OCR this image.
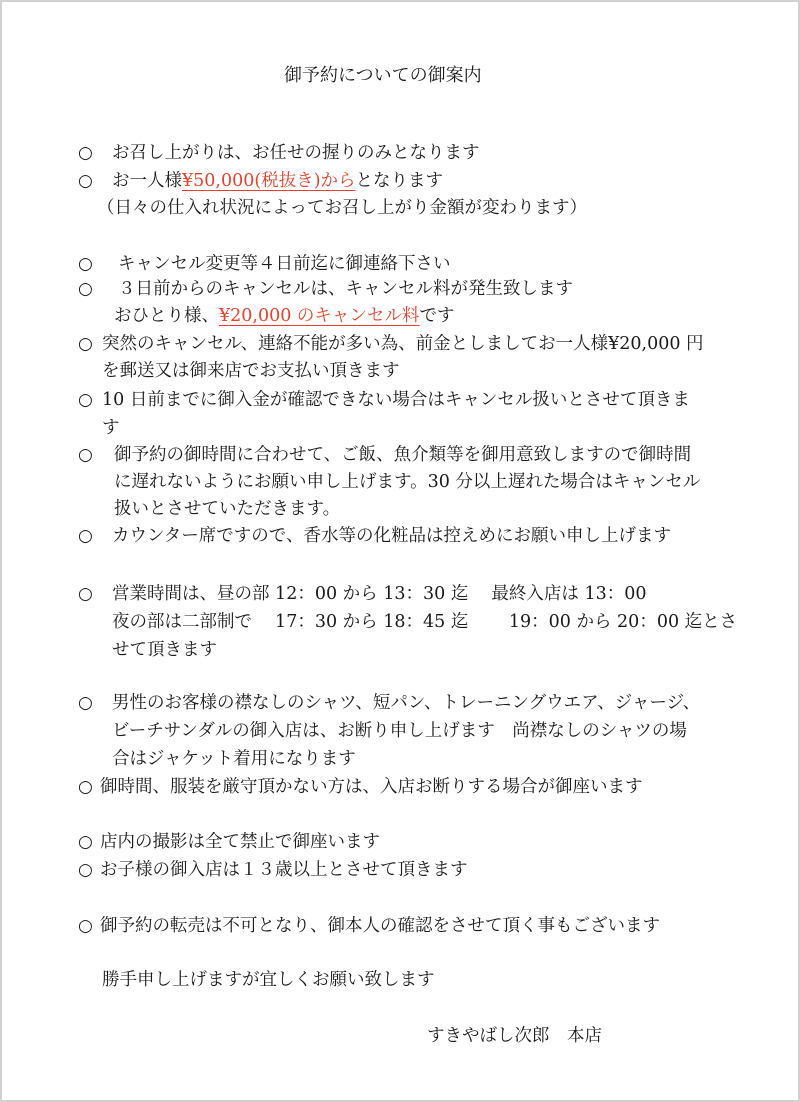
御予約についての御案内
○ お召し上がりは、お任せの握りのみとなります
○ お一人様¥50,000(税抜き)からとなります
（日々の仕入れ状況によってお召し上がり金額が変わります）
○ キャンセル変更等４日前迄に御連絡下さい
○ ３日前からのキャンセルは、キャンセル料が発生致します
おひとり様、¥20,000 のキャンセル料です
○ 突然のキャンセル、連絡不能が多い為、前金としましてお一人様¥20,000 円
を郵送又は御来店でお支払い頂きます
○ 10 日前までに御入金が確認できない場合はキャンセル扱いとさせて頂きま
す
○ 御予約の御時間に合わせて、ご飯、魚介類等を御用意致しますので御時間
に遅れないようにお願い申し上げます。30 分以上遅れた場合はキャンセル
扱いとさせていただきます。
○ カウンター席ですので、香水等の化粧品は控えめにお願い申し上げます
○ 営業時間は、昼の部 12：00 から 13：30 迄　 最終入店は 13：00
夜の部は二部制で　 17：30 から 18：45 迄　　 19：00 から 20：00 迄とさ
せて頂きます
○ 男性のお客様の襟なしのシャツ、短パン、トレーニングウエア、ジャージ、
ビーチサンダルの御入店は、お断り申し上げます　尚襟なしのシャツの場
合はジャケット着用になります
○ 御時間、服装を厳守頂かない方は、入店お断りする場合が御座います
○ 店内の撮影は全て禁止で御座います
○ お子様の御入店は１３歳以上とさせて頂きます
○ 御予約の転売は不可となり、御本人の確認をさせて頂く事もございます
勝手申し上げますが宜しくお願い致します
すきやばし次郎　本店
